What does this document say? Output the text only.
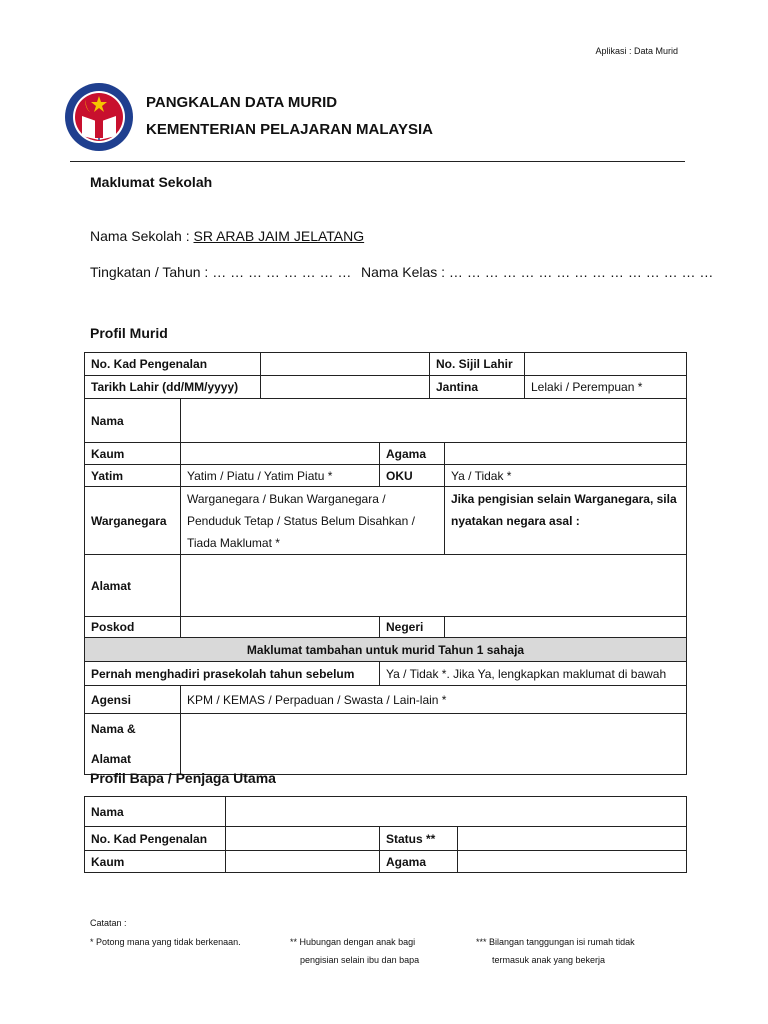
Aplikasi : Data Murid
PANGKALAN DATA MURID
KEMENTERIAN PELAJARAN MALAYSIA
Maklumat Sekolah
Nama Sekolah : SR ARAB JAIM JELATANG
Tingkatan / Tahun : … … … … … … … … Nama Kelas : … … … … … … … … … … … … … … …
Profil Murid
No. Kad Pengenalan		No. Sijil Lahir	
Tarikh Lahir (dd/MM/yyyy)		Jantina	Lelaki / Perempuan *
Nama			
Kaum		Agama	
Yatim	Yatim / Piatu / Yatim Piatu *	OKU	Ya / Tidak *
Warganegara	Warganegara / Bukan Warganegara / Penduduk Tetap / Status Belum Disahkan / Tiada Maklumat *		Jika pengisian selain Warganegara, sila nyatakan negara asal :
Alamat			
Poskod		Negeri	
Maklumat tambahan untuk murid Tahun 1 sahaja			
Pernah menghadiri prasekolah tahun sebelum		Ya / Tidak *. Jika Ya, lengkapkan maklumat di bawah	
Agensi	KPM / KEMAS / Perpaduan / Swasta / Lain-lain *		
Nama &
Alamat			
Profil Bapa / Penjaga Utama
Nama			
No. Kad Pengenalan		Status **	
Kaum		Agama	
Catatan :
* Potong mana yang tidak berkenaan.	** Hubungan dengan anak bagi
pengisian selain ibu dan bapa
*** Bilangan tanggungan isi rumah tidak
termasuk anak yang bekerja
